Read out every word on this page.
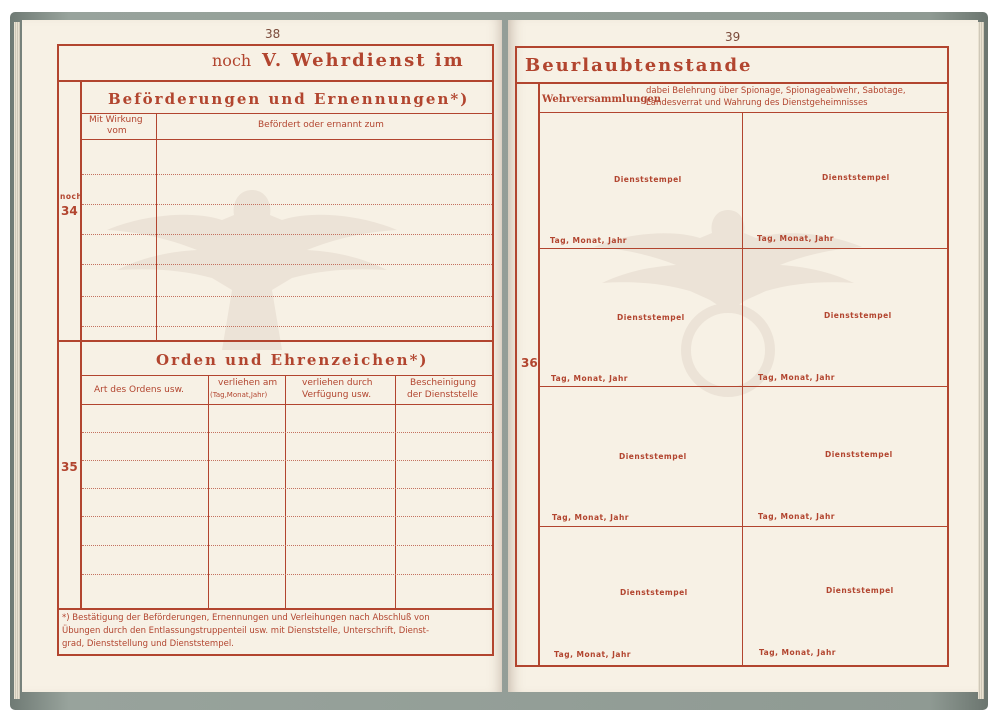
38
noch V. Wehrdienst im
noch
34
Beförderungen und Ernennungen*)
Mit Wirkung
vom
Befördert oder ernannt zum
Orden und Ehrenzeichen*)
Art des Ordens usw.
verliehen am
(Tag,Monat,Jahr)
verliehen durch
Verfügung usw.
Bescheinigung
der Dienststelle
35
*) Bestätigung der Beförderungen, Ernennungen und Verleihungen nach Abschluß von
Übungen durch den Entlassungstruppenteil usw. mit Dienststelle, Unterschrift, Dienst-
grad, Dienststellung und Dienststempel.
39
Beurlaubtenstande
36
Wehrversammlungen
dabei Belehrung über Spionage, Spionageabwehr, Sabotage,
Landesverrat und Wahrung des Dienstgeheimnisses
Dienststempel
Tag, Monat, Jahr
Dienststempel
Tag, Monat, Jahr
Dienststempel
Tag, Monat, Jahr
Dienststempel
Tag, Monat, Jahr
Dienststempel
Tag, Monat, Jahr
Dienststempel
Tag, Monat, Jahr
Dienststempel
Tag, Monat, Jahr
Dienststempel
Tag, Monat, Jahr
